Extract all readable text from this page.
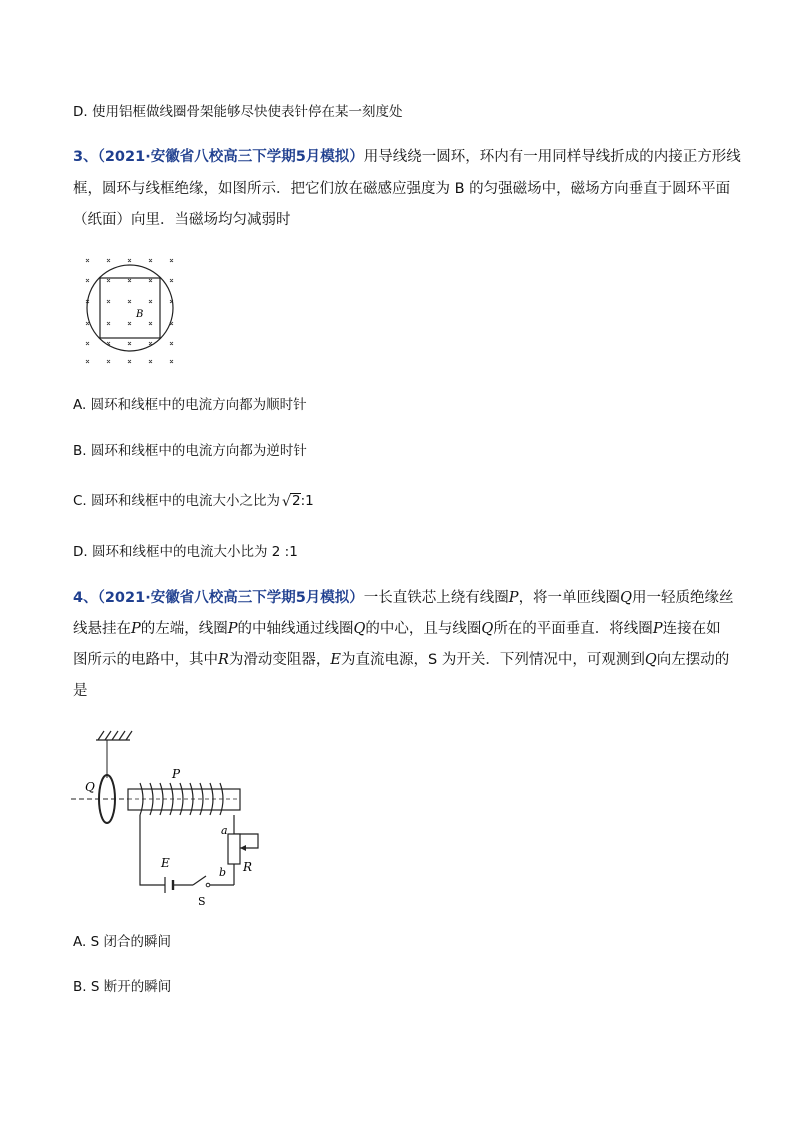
D. 使用铝框做线圈骨架能够尽快使表针停在某一刻度处
3、（2021·安徽省八校高三下学期5月模拟）用导线绕一圆环，环内有一用同样导线折成的内接正方形线
框，圆环与线框绝缘，如图所示．把它们放在磁感应强度为 B 的匀强磁场中，磁场方向垂直于圆环平面
（纸面）向里．当磁场均匀减弱时
B
A. 圆环和线框中的电流方向都为顺时针
B. 圆环和线框中的电流方向都为逆时针
C. 圆环和线框中的电流大小之比为 √ 2:1
D. 圆环和线框中的电流大小比为 2 :1
4、（2021·安徽省八校高三下学期5月模拟）一长直铁芯上绕有线圈P，将一单匝线圈Q用一轻质绝缘丝
线悬挂在P的左端，线圈P的中轴线通过线圈Q的中心，且与线圈Q所在的平面垂直．将线圈P连接在如
图所示的电路中，其中R为滑动变阻器，E为直流电源，S 为开关．下列情况中，可观测到Q向左摆动的
是
Q
P
E
S
a
b R
A. S 闭合的瞬间
B. S 断开的瞬间
